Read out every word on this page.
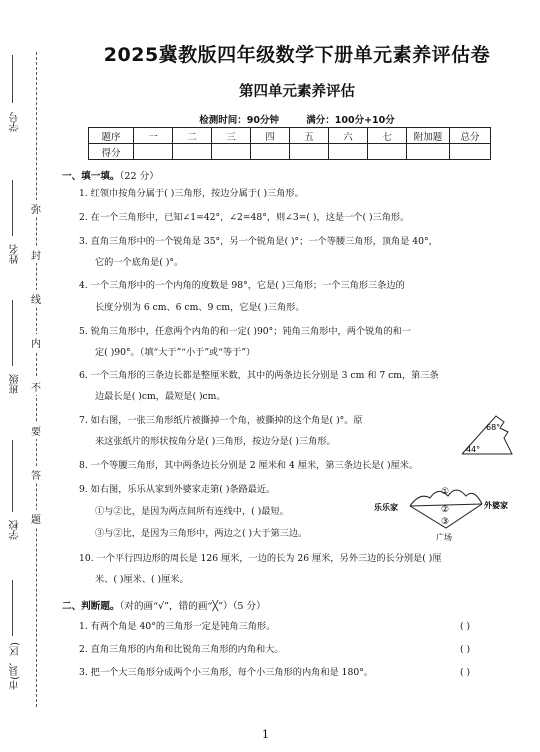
学号
姓名
班级
学校
市(县、区)
弥
封
线
内
不
要
答
题
2025冀教版四年级数学下册单元素养评估卷
第四单元素养评估
检测时间：90分钟	满分：100分+10分
题序	一	二	三	四	五	六	七	附加题	总分
得分									
一、填一填。（22 分）
1. 红领巾按角分属于( )三角形，按边分属于( )三角形。
2. 在一个三角形中，已知∠1=42°，∠2=48°，则∠3=( )，这是一个( )三角形。
3. 直角三角形中的一个锐角是 35°，另一个锐角是( )°；一个等腰三角形，顶角是 40°，
它的一个底角是( )°。
4. 一个三角形中的一个内角的度数是 98°，它是( )三角形；一个三角形三条边的
长度分别为 6 cm、6 cm、9 cm，它是( )三角形。
5. 锐角三角形中，任意两个内角的和一定( )90°；钝角三角形中，两个锐角的和一
定( )90°。（填“大于”“小于”或“等于”）
6. 一个三角形的三条边长都是整厘米数，其中的两条边长分别是 3 cm 和 7 cm，第三条
边最长是( )cm，最短是( )cm。
7. 如右图，一张三角形纸片被撕掉一个角，被撕掉的这个角是( )°。原
来这张纸片的形状按角分是( )三角形，按边分是( )三角形。
68°
44°
8. 一个等腰三角形，其中两条边长分别是 2 厘米和 4 厘米，第三条边长是( )厘米。
9. 如右图，乐乐从家到外婆家走第( )条路最近。
①与②比，是因为两点间所有连线中，( )最短。
③与②比，是因为三角形中，两边之( )大于第三边。
①
②
③
乐乐家	外婆家
广场
10. 一个平行四边形的周长是 126 厘米，一边的长为 26 厘米，另外三边的长分别是( )厘
米、( )厘米、( )厘米。
二、判断题。（对的画“√”，错的画“╳”）（5 分）
1. 有两个角是 40°的三角形一定是钝角三角形。	( )
2. 直角三角形的内角和比锐角三角形的内角和大。	( )
3. 把一个大三角形分成两个小三角形，每个小三角形的内角和是 180°。	( )
1
